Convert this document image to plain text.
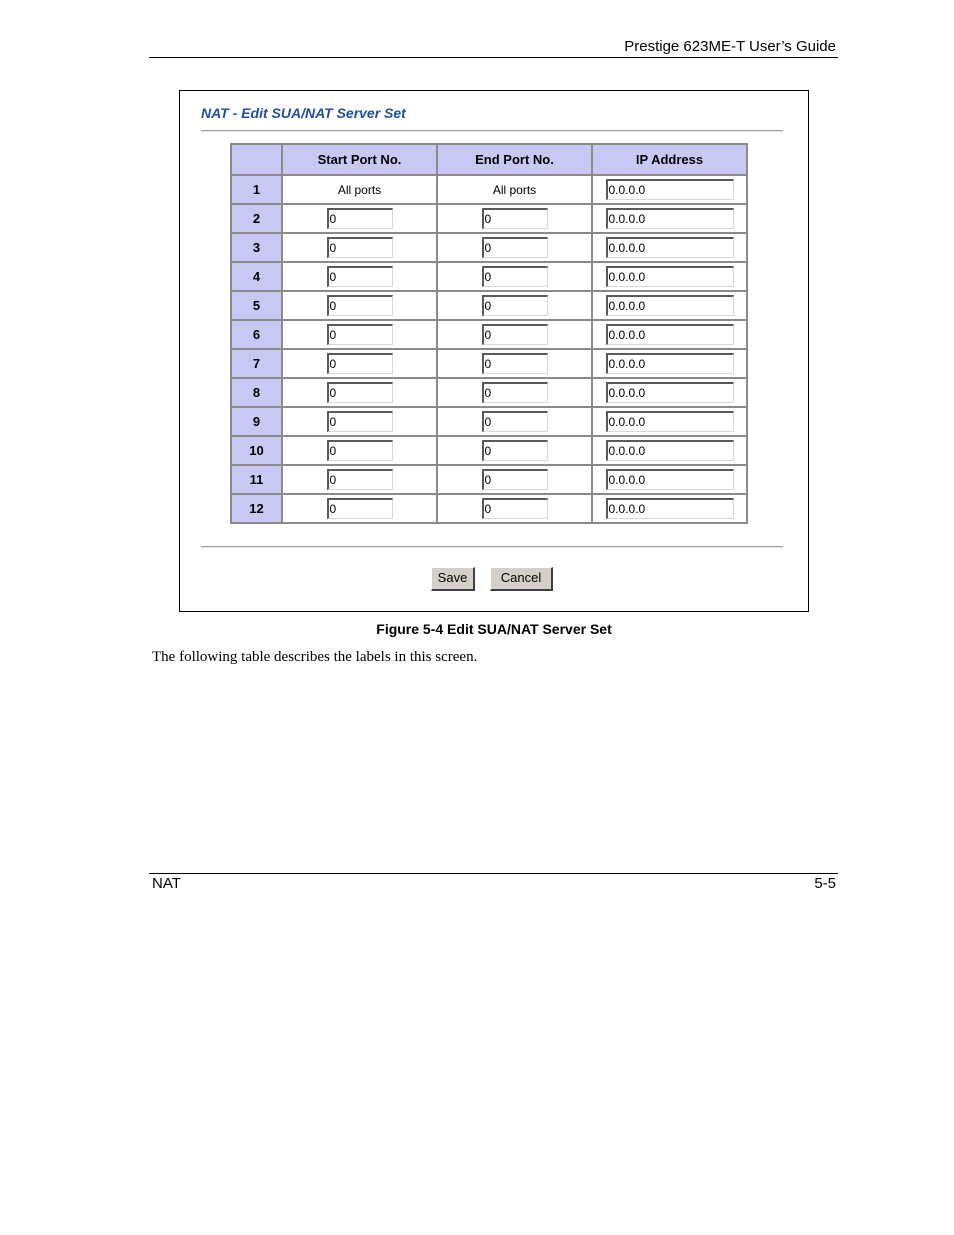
Prestige 623ME-T User’s Guide
NAT - Edit SUA/NAT Server Set
	Start Port No.	End Port No.	IP Address
1	All ports	All ports	0.0.0.0
2	0	0	0.0.0.0
3	0	0	0.0.0.0
4	0	0	0.0.0.0
5	0	0	0.0.0.0
6	0	0	0.0.0.0
7	0	0	0.0.0.0
8	0	0	0.0.0.0
9	0	0	0.0.0.0
10	0	0	0.0.0.0
11	0	0	0.0.0.0
12	0	0	0.0.0.0
Save	Cancel
Figure 5-4 Edit SUA/NAT Server Set
The following table describes the labels in this screen.
NAT	5-5
